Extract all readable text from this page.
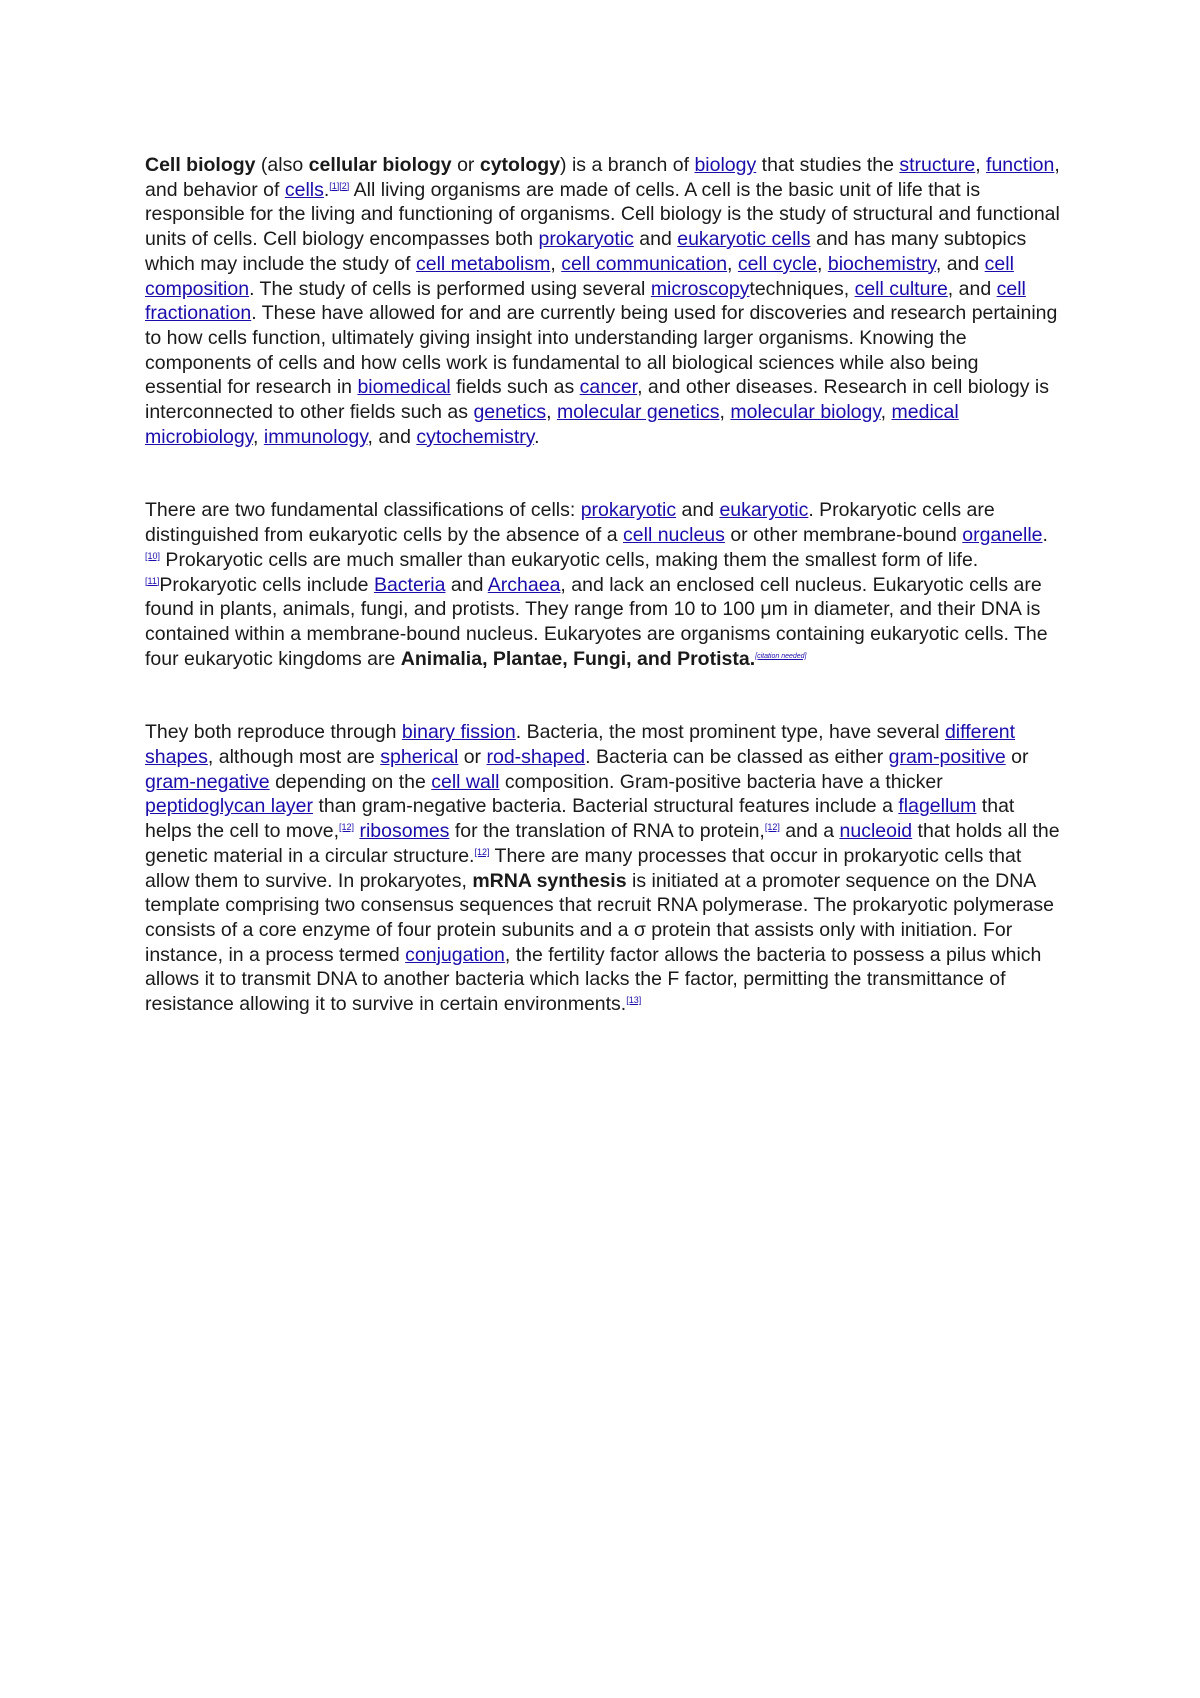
Cell biology (also cellular biology or cytology) is a branch of biology that studies the structure, function, and behavior of cells.[1][2] All living organisms are made of cells. A cell is the basic unit of life that is responsible for the living and functioning of organisms. Cell biology is the study of structural and functional units of cells. Cell biology encompasses both prokaryotic and eukaryotic cells and has many subtopics which may include the study of cell metabolism, cell communication, cell cycle, biochemistry, and cell composition. The study of cells is performed using several microscopytechniques, cell culture, and cell fractionation. These have allowed for and are currently being used for discoveries and research pertaining to how cells function, ultimately giving insight into understanding larger organisms. Knowing the components of cells and how cells work is fundamental to all biological sciences while also being essential for research in biomedical fields such as cancer, and other diseases. Research in cell biology is interconnected to other fields such as genetics, molecular genetics, molecular biology, medical microbiology, immunology, and cytochemistry.

There are two fundamental classifications of cells: prokaryotic and eukaryotic. Prokaryotic cells are distinguished from eukaryotic cells by the absence of a cell nucleus or other membrane-bound organelle.[10] Prokaryotic cells are much smaller than eukaryotic cells, making them the smallest form of life.[11]Prokaryotic cells include Bacteria and Archaea, and lack an enclosed cell nucleus. Eukaryotic cells are found in plants, animals, fungi, and protists. They range from 10 to 100 μm in diameter, and their DNA is contained within a membrane-bound nucleus. Eukaryotes are organisms containing eukaryotic cells. The four eukaryotic kingdoms are Animalia, Plantae, Fungi, and Protista.[citation needed]

They both reproduce through binary fission. Bacteria, the most prominent type, have several different shapes, although most are spherical or rod-shaped. Bacteria can be classed as either gram-positive or gram-negative depending on the cell wall composition. Gram-positive bacteria have a thicker peptidoglycan layer than gram-negative bacteria. Bacterial structural features include a flagellum that helps the cell to move,[12] ribosomes for the translation of RNA to protein,[12] and a nucleoid that holds all the genetic material in a circular structure.[12] There are many processes that occur in prokaryotic cells that allow them to survive. In prokaryotes, mRNA synthesis is initiated at a promoter sequence on the DNA template comprising two consensus sequences that recruit RNA polymerase. The prokaryotic polymerase consists of a core enzyme of four protein subunits and a σ protein that assists only with initiation. For instance, in a process termed conjugation, the fertility factor allows the bacteria to possess a pilus which allows it to transmit DNA to another bacteria which lacks the F factor, permitting the transmittance of resistance allowing it to survive in certain environments.[13]
